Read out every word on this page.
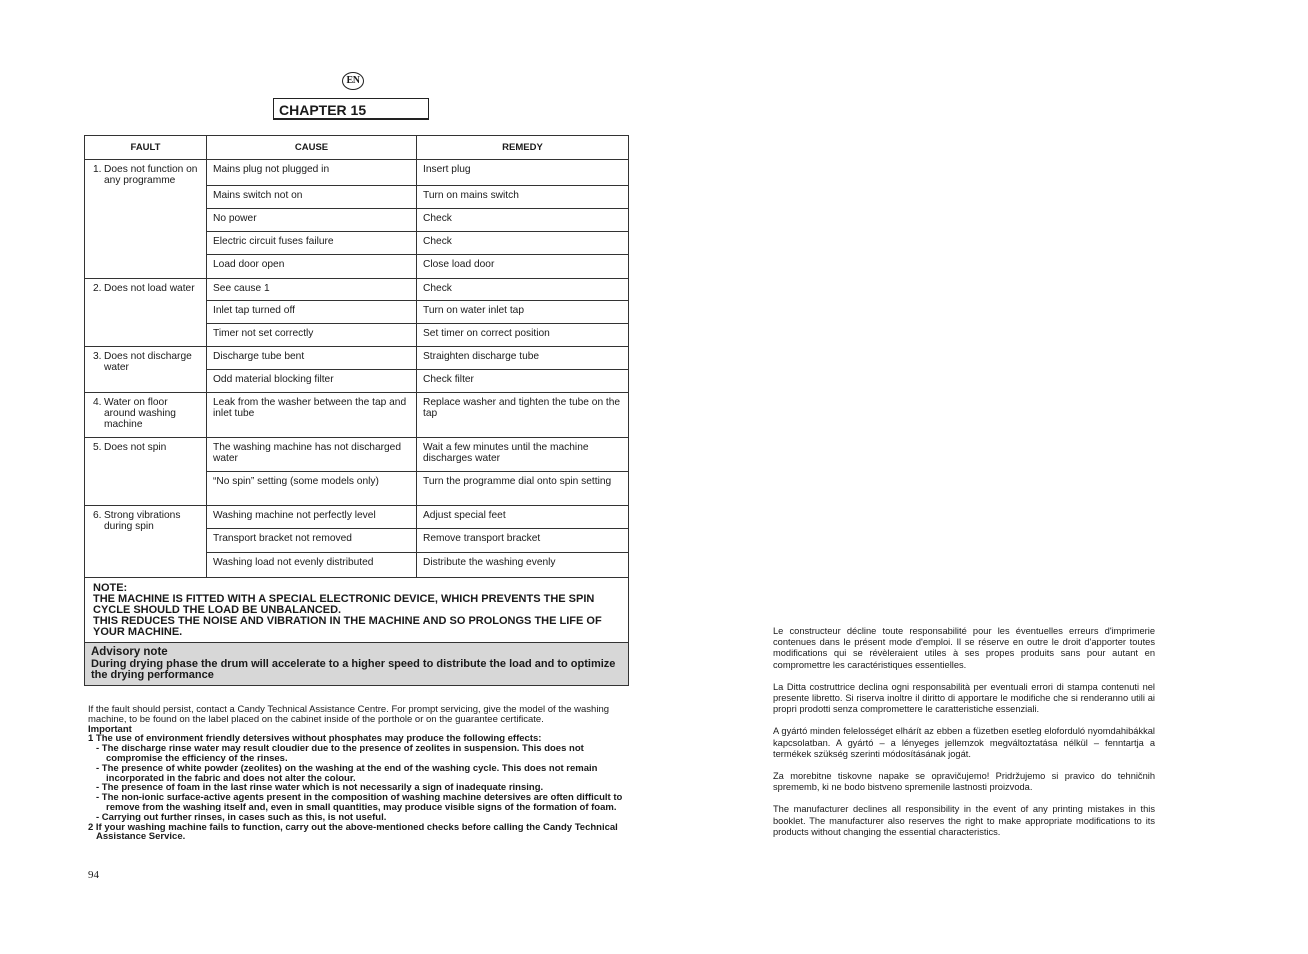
EN
CHAPTER 15
FAULT	CAUSE	REMEDY
1. Does not function on any programme	Mains plug not plugged in	Insert plug
	Mains switch not on	Turn on mains switch
	No power	Check
	Electric circuit fuses failure	Check
	Load door open	Close load door
2. Does not load water	See cause 1	Check
	Inlet tap turned off	Turn on water inlet tap
	Timer not set correctly	Set timer on correct position
3. Does not discharge water	Discharge tube bent	Straighten discharge tube
	Odd material blocking filter	Check filter
4. Water on floor around washing machine	Leak from the washer between the tap and inlet tube	Replace washer and tighten the tube on the tap
5. Does not spin	The washing machine has not discharged water	Wait a few minutes until the machine discharges water
	“No spin” setting (some models only)	Turn the programme dial onto spin setting
6. Strong vibrations during spin	Washing machine not perfectly level	Adjust special feet
	Transport bracket not removed	Remove transport bracket
	Washing load not evenly distributed	Distribute the washing evenly

NOTE:
THE MACHINE IS FITTED WITH A SPECIAL ELECTRONIC DEVICE, WHICH PREVENTS THE SPIN CYCLE SHOULD THE LOAD BE UNBALANCED.
THIS REDUCES THE NOISE AND VIBRATION IN THE MACHINE AND SO PROLONGS THE LIFE OF YOUR MACHINE.		

Advisory note
During drying phase the drum will accelerate to a higher speed to distribute the load and to optimize the drying performance		
If the fault should persist, contact a Candy Technical Assistance Centre. For prompt servicing, give the model of the washing machine, to be found on the label placed on the cabinet inside of the porthole or on the guarantee certificate.
Important
1 The use of environment friendly detersives without phosphates may produce the following effects:
- The discharge rinse water may result cloudier due to the presence of zeolites in suspension. This does not compromise the efficiency of the rinses.
- The presence of white powder (zeolites) on the washing at the end of the washing cycle. This does not remain incorporated in the fabric and does not alter the colour.
- The presence of foam in the last rinse water which is not necessarily a sign of inadequate rinsing.
- The non-ionic surface-active agents present in the composition of washing machine detersives are often difficult to remove from the washing itself and, even in small quantities, may produce visible signs of the formation of foam.
- Carrying out further rinses, in cases such as this, is not useful.
2 If your washing machine fails to function, carry out the above-mentioned checks before calling the Candy Technical Assistance Service.
94

Le constructeur décline toute responsabilité pour les éventuelles erreurs d'imprimerie contenues dans le présent mode d'emploi. Il se réserve en outre le droit d'apporter toutes modifications qui se révèleraient utiles à ses propes produits sans pour autant en compromettre les caractéristiques essentielles.

La Ditta costruttrice declina ogni responsabilità per eventuali errori di stampa contenuti nel presente libretto. Si riserva inoltre il diritto di apportare le modifiche che si renderanno utili ai propri prodotti senza compromettere le caratteristiche essenziali.

A gyártó minden felelosséget elhárít az ebben a füzetben esetleg eloforduló nyomdahibákkal kapcsolatban. A gyártó – a lényeges jellemzok megváltoztatása nélkül – fenntartja a termékek szükség szerinti módosításának jogát.

Za morebitne tiskovne napake se opravičujemo! Pridržujemo si pravico do tehničnih sprememb, ki ne bodo bistveno spremenile lastnosti proizvoda.

The manufacturer declines all responsibility in the event of any printing mistakes in this booklet. The manufacturer also reserves the right to make appropriate modifications to its products without changing the essential characteristics.
